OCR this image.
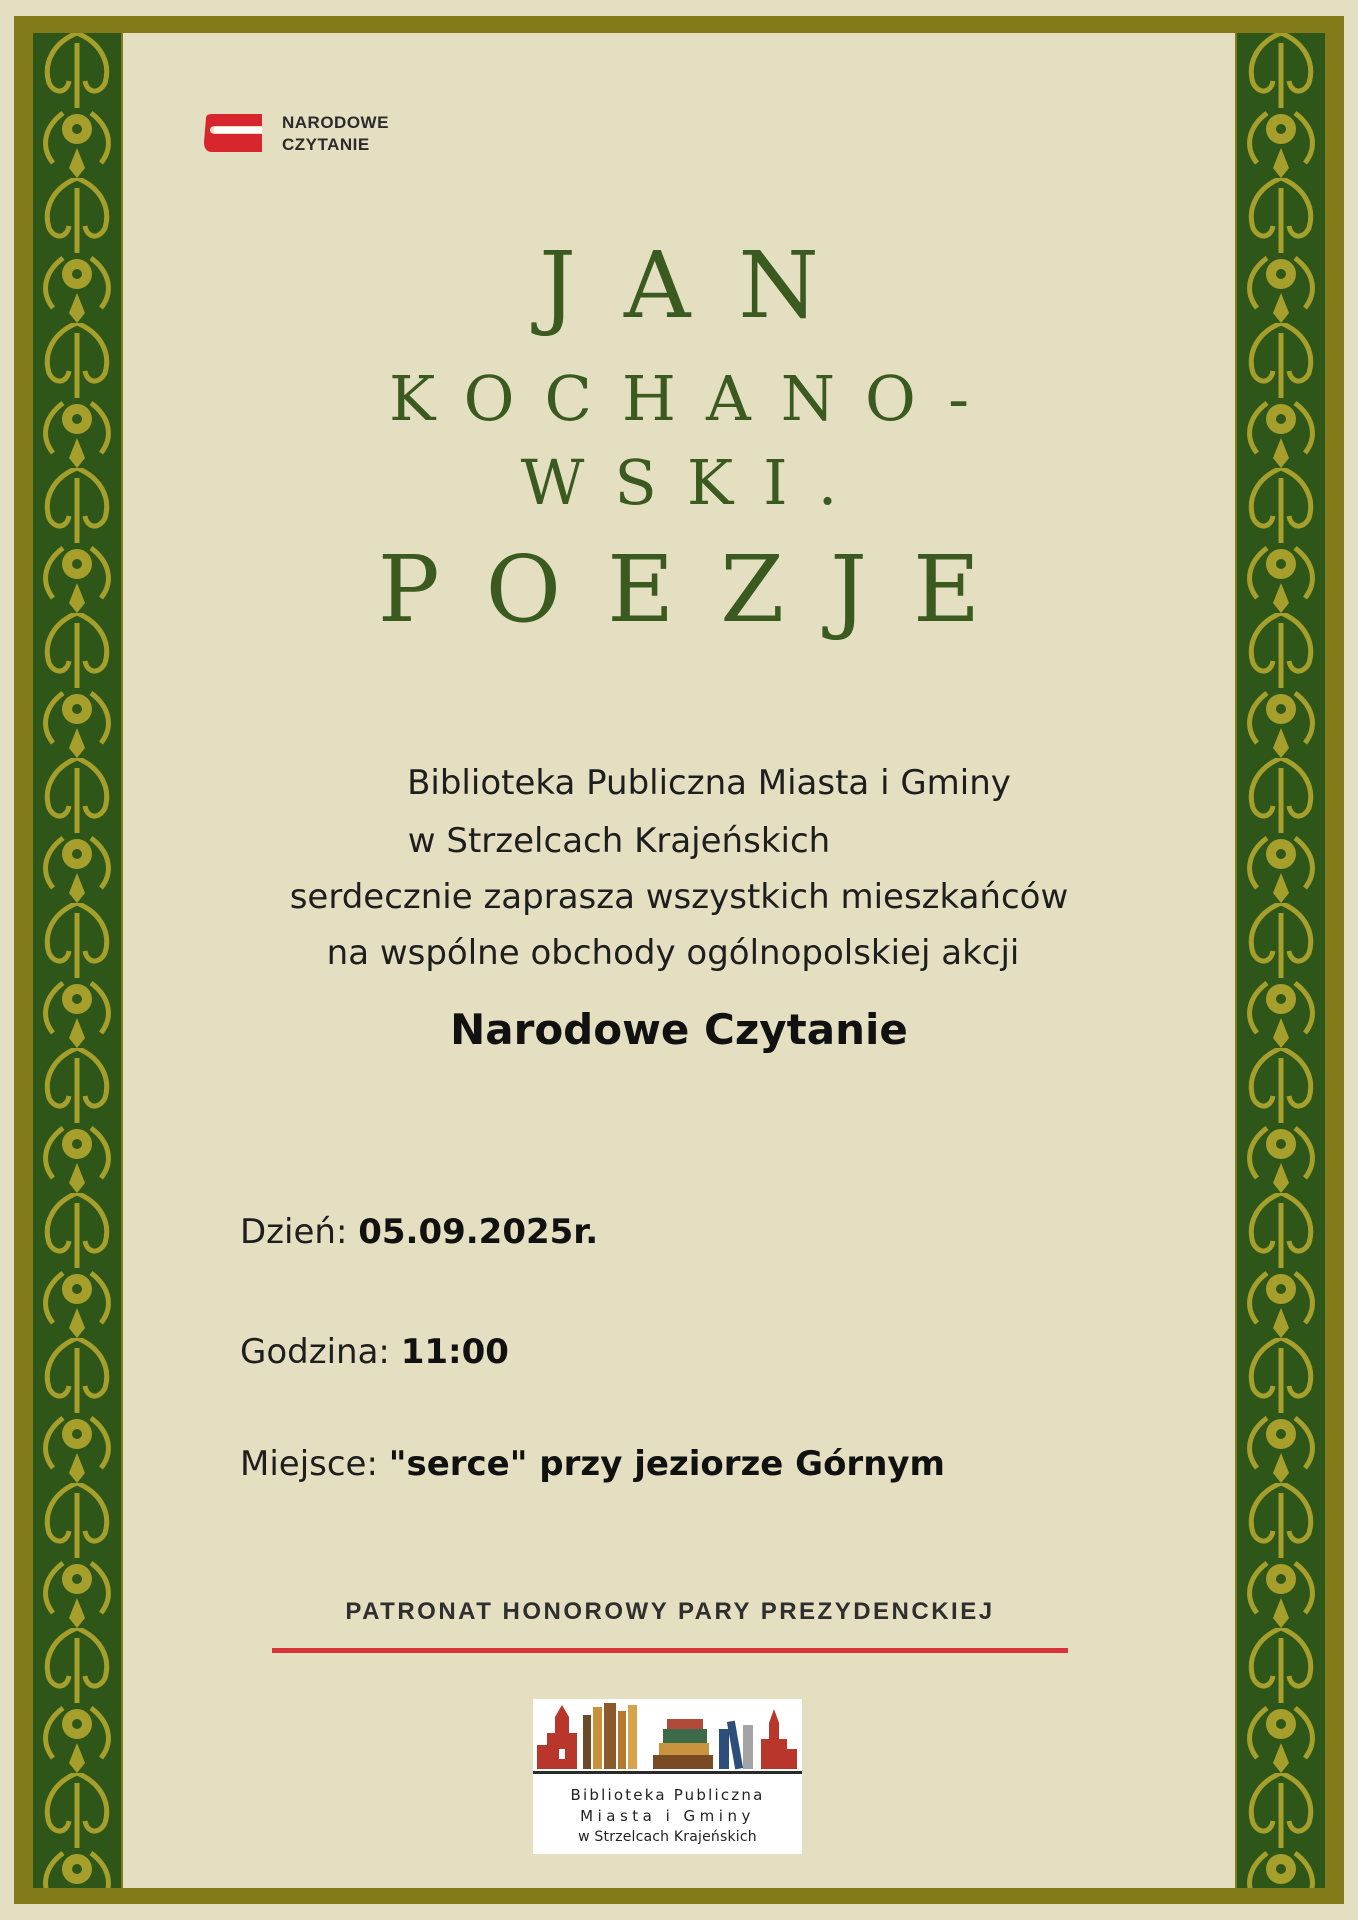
NARODOWE
CZYTANIE
JAN
KOCHANO-
WSKI.
POEZJE
Biblioteka Publiczna Miasta i Gminy
w Strzelcach Krajeńskich
serdecznie zaprasza wszystkich mieszkańców
na wspólne obchody ogólnopolskiej akcji
Narodowe Czytanie
Dzień: 05.09.2025r.
Godzina: 11:00
Miejsce: "serce" przy jeziorze Górnym
PATRONAT HONOROWY PARY PREZYDENCKIEJ
Biblioteka Publiczna
Miasta i Gminy
w Strzelcach Krajeńskich
